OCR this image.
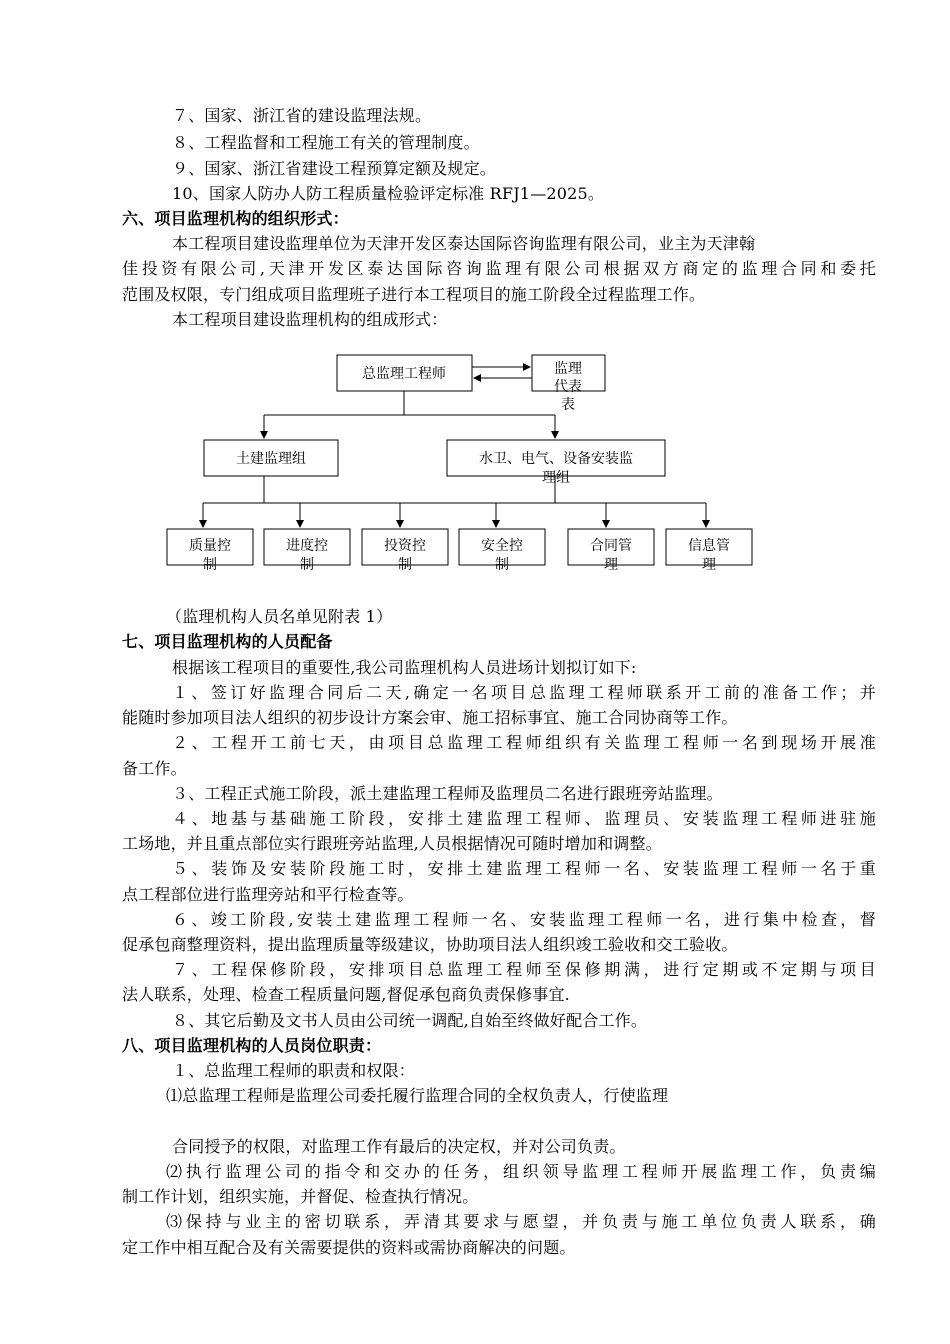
７、国家、浙江省的建设监理法规。
８、工程监督和工程施工有关的管理制度。
９、国家、浙江省建设工程预算定额及规定。
10、国家人防办人防工程质量检验评定标准 RFJ1—2025。
六、项目监理机构的组织形式：
本工程项目建设监理单位为天津开发区泰达国际咨询监理有限公司，业主为天津翰
佳投资有限公司,天津开发区泰达国际咨询监理有限公司根据双方商定的监理合同和委托
范围及权限，专门组成项目监理班子进行本工程项目的施工阶段全过程监理工作。
本工程项目建设监理机构的组成形式：
总监理工程师	监理
代表
表
土建监理组	水卫、电气、设备安装监
理组
质量控
制
进度控
制
投资控
制
安全控
制
合同管
理
信息管
理
（监理机构人员名单见附表 1）
七、项目监理机构的人员配备
根据该工程项目的重要性,我公司监理机构人员进场计划拟订如下:
１、签订好监理合同后二天,确定一名项目总监理工程师联系开工前的准备工作；并
能随时参加项目法人组织的初步设计方案会审、施工招标事宜、施工合同协商等工作。
２、工程开工前七天，由项目总监理工程师组织有关监理工程师一名到现场开展准
备工作。
３、工程正式施工阶段，派土建监理工程师及监理员二名进行跟班旁站监理。
４、地基与基础施工阶段，安排土建监理工程师、监理员、安装监理工程师进驻施
工场地，并且重点部位实行跟班旁站监理,人员根据情况可随时增加和调整。
５、装饰及安装阶段施工时，安排土建监理工程师一名、安装监理工程师一名于重
点工程部位进行监理旁站和平行检查等。
６、竣工阶段,安装土建监理工程师一名、安装监理工程师一名，进行集中检查，督
促承包商整理资料，提出监理质量等级建议，协助项目法人组织竣工验收和交工验收。
７、工程保修阶段，安排项目总监理工程师至保修期满，进行定期或不定期与项目
法人联系，处理、检查工程质量问题,督促承包商负责保修事宜.
８、其它后勤及文书人员由公司统一调配,自始至终做好配合工作。
八、项目监理机构的人员岗位职责：
１、总监理工程师的职责和权限：
⑴总监理工程师是监理公司委托履行监理合同的全权负责人，行使监理
合同授予的权限，对监理工作有最后的决定权，并对公司负责。
⑵执行监理公司的指令和交办的任务，组织领导监理工程师开展监理工作，负责编
制工作计划，组织实施，并督促、检查执行情况。
⑶保持与业主的密切联系，弄清其要求与愿望，并负责与施工单位负责人联系，确
定工作中相互配合及有关需要提供的资料或需协商解决的问题。
